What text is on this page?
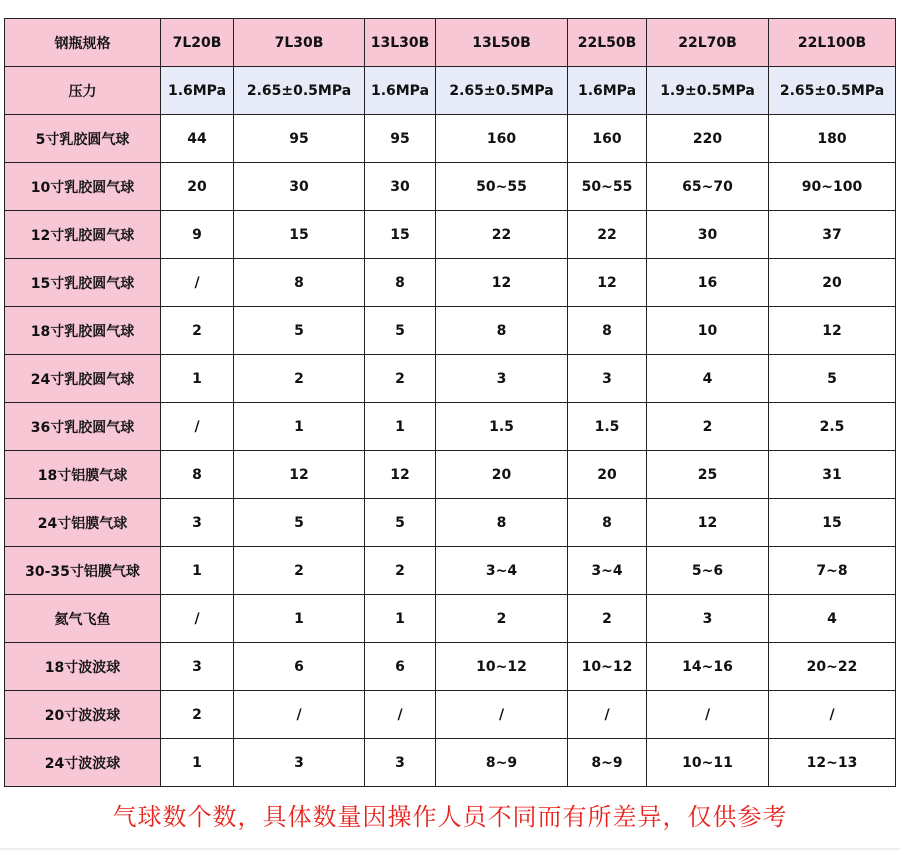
钢瓶规格	7L20B	7L30B	13L30B	13L50B	22L50B	22L70B	22L100B
压力	1.6MPa	2.65±0.5MPa	1.6MPa	2.65±0.5MPa	1.6MPa	1.9±0.5MPa	2.65±0.5MPa
5寸乳胶圆气球	44	95	95	160	160	220	180
10寸乳胶圆气球	20	30	30	50~55	50~55	65~70	90~100
12寸乳胶圆气球	9	15	15	22	22	30	37
15寸乳胶圆气球	/	8	8	12	12	16	20
18寸乳胶圆气球	2	5	5	8	8	10	12
24寸乳胶圆气球	1	2	2	3	3	4	5
36寸乳胶圆气球	/	1	1	1.5	1.5	2	2.5
18寸铝膜气球	8	12	12	20	20	25	31
24寸铝膜气球	3	5	5	8	8	12	15
30-35寸铝膜气球	1	2	2	3~4	3~4	5~6	7~8
氦气飞鱼	/	1	1	2	2	3	4
18寸波波球	3	6	6	10~12	10~12	14~16	20~22
20寸波波球	2	/	/	/	/	/	/
24寸波波球	1	3	3	8~9	8~9	10~11	12~13
气球数个数，具体数量因操作人员不同而有所差异，仅供参考
